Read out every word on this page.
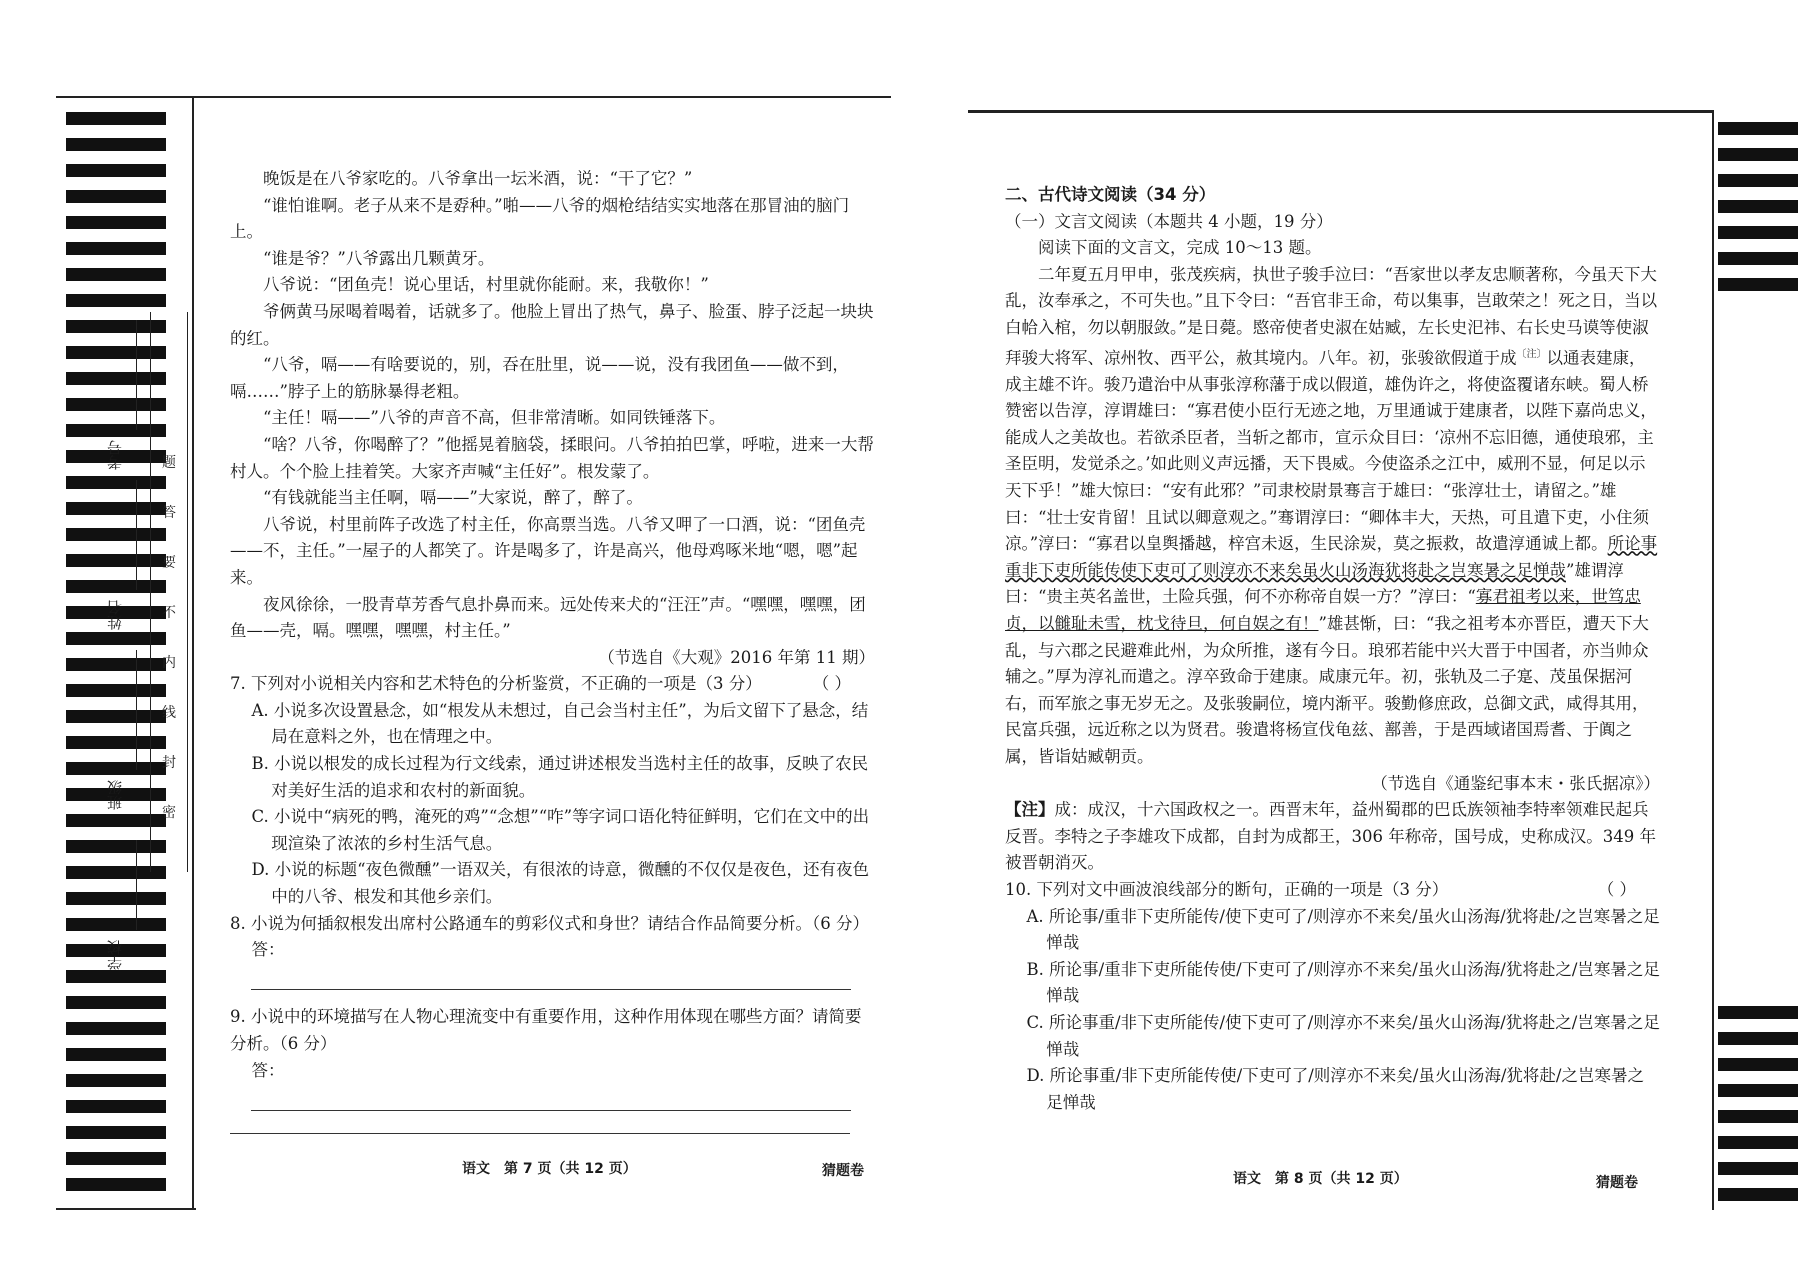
题
答
要
不
内
线
封
密
考号
姓名
班级
学校

晚饭是在八爷家吃的。八爷拿出一坛米酒，说：“干了它？”

“谁怕谁啊。老子从来不是孬种。”啪——八爷的烟枪结结实实地落在那冒油的脑门上。

“谁是爷？”八爷露出几颗黄牙。

八爷说：“团鱼壳！说心里话，村里就你能耐。来，我敬你！”

爷俩黄马尿喝着喝着，话就多了。他脸上冒出了热气，鼻子、脸蛋、脖子泛起一块块的红。

“八爷，嗝——有啥要说的，别，吞在肚里，说——说，没有我团鱼——做不到，嗝……”脖子上的筋脉暴得老粗。

“主任！嗝——”八爷的声音不高，但非常清晰。如同铁锤落下。

“啥？八爷，你喝醉了？”他摇晃着脑袋，揉眼问。八爷拍拍巴掌，呼啦，进来一大帮村人。个个脸上挂着笑。大家齐声喊“主任好”。根发蒙了。

“有钱就能当主任啊，嗝——”大家说，醉了，醉了。

八爷说，村里前阵子改选了村主任，你高票当选。八爷又呷了一口酒，说：“团鱼壳——不，主任。”一屋子的人都笑了。许是喝多了，许是高兴，他母鸡啄米地“嗯，嗯”起来。

夜风徐徐，一股青草芳香气息扑鼻而来。远处传来犬的“汪汪”声。“嘿嘿，嘿嘿，团鱼——壳，嗝。嘿嘿，嘿嘿，村主任。”

（节选自《大观》2016 年第 11 期）

7. 下列对小说相关内容和艺术特色的分析鉴赏，不正确的一项是（3 分）	（ ）

A. 小说多次设置悬念，如“根发从未想过，自己会当村主任”，为后文留下了悬念，结局在意料之外，也在情理之中。

B. 小说以根发的成长过程为行文线索，通过讲述根发当选村主任的故事，反映了农民对美好生活的追求和农村的新面貌。

C. 小说中“病死的鸭，淹死的鸡”“念想”“咋”等字词口语化特征鲜明，它们在文中的出现渲染了浓浓的乡村生活气息。

D. 小说的标题“夜色微醺”一语双关，有很浓的诗意，微醺的不仅仅是夜色，还有夜色中的八爷、根发和其他乡亲们。

8. 小说为何插叙根发出席村公路通车的剪彩仪式和身世？请结合作品简要分析。（6 分）

答：

9. 小说中的环境描写在人物心理流变中有重要作用，这种作用体现在哪些方面？请简要分析。（6 分）

答：

语文　第 7 页（共 12 页）	猜题卷

二、古代诗文阅读（34 分）

（一）文言文阅读（本题共 4 小题，19 分）

阅读下面的文言文，完成 10～13 题。

二年夏五月甲申，张茂疾病，执世子骏手泣曰：“吾家世以孝友忠顺著称，今虽天下大乱，汝奉承之，不可失也。”且下令曰：“吾官非王命，苟以集事，岂敢荣之！死之日，当以白帢入棺，勿以朝服敛。”是日薨。愍帝使者史淑在姑臧，左长史汜祎、右长史马谟等使淑拜骏大将军、凉州牧、西平公，赦其境内。八年。初，张骏欲假道于成$^{〔注〕}$以通表建康，成主雄不许。骏乃遣治中从事张淳称藩于成以假道，雄伪许之，将使盗覆诸东峡。蜀人桥赞密以告淳，淳谓雄曰：“寡君使小臣行无迹之地，万里通诚于建康者，以陛下嘉尚忠义，能成人之美故也。若欲杀臣者，当斩之都市，宣示众目曰：‘凉州不忘旧德，通使琅邪，主圣臣明，发觉杀之。’如此则义声远播，天下畏威。今使盗杀之江中，威刑不显，何足以示天下乎！”雄大惊曰：“安有此邪？”司隶校尉景骞言于雄曰：“张淳壮士，请留之。”雄曰：“壮士安肯留！且试以卿意观之。”骞谓淳曰：“卿体丰大，天热，可且遣下吏，小住须凉。”淳曰：“寡君以皇舆播越，梓宫未返，生民涂炭，莫之振救，故遣淳通诚上都。所论事重非下吏所能传使下吏可了则淳亦不来矣虽火山汤海犹将赴之岂寒暑之足惮哉”雄谓淳曰：“贵主英名盖世，土险兵强，何不亦称帝自娱一方？”淳曰：“寡君祖考以来，世笃忠贞，以雠耻未雪，枕戈待旦，何自娱之有！”雄甚惭，曰：“我之祖考本亦晋臣，遭天下大乱，与六郡之民避难此州，为众所推，遂有今日。琅邪若能中兴大晋于中国者，亦当帅众辅之。”厚为淳礼而遣之。淳卒致命于建康。咸康元年。初，张轨及二子寔、茂虽保据河右，而军旅之事无岁无之。及张骏嗣位，境内渐平。骏勤修庶政，总御文武，咸得其用，民富兵强，远近称之以为贤君。骏遣将杨宣伐龟兹、鄯善，于是西域诸国焉耆、于阗之属，皆诣姑臧朝贡。

（节选自《通鉴纪事本末・张氏据凉》）

【注】成：成汉，十六国政权之一。西晋末年，益州蜀郡的巴氐族领袖李特率领难民起兵反晋。李特之子李雄攻下成都，自封为成都王，306 年称帝，国号成，史称成汉。349 年被晋朝消灭。

10. 下列对文中画波浪线部分的断句，正确的一项是（3 分）	（ ）

A. 所论事/重非下吏所能传/使下吏可了/则淳亦不来矣/虽火山汤海/犹将赴/之岂寒暑之足惮哉

B. 所论事/重非下吏所能传使/下吏可了/则淳亦不来矣/虽火山汤海/犹将赴之/岂寒暑之足惮哉

C. 所论事重/非下吏所能传/使下吏可了/则淳亦不来矣/虽火山汤海/犹将赴之/岂寒暑之足惮哉

D. 所论事重/非下吏所能传使/下吏可了/则淳亦不来矣/虽火山汤海/犹将赴/之岂寒暑之足惮哉

语文　第 8 页（共 12 页）	猜题卷
